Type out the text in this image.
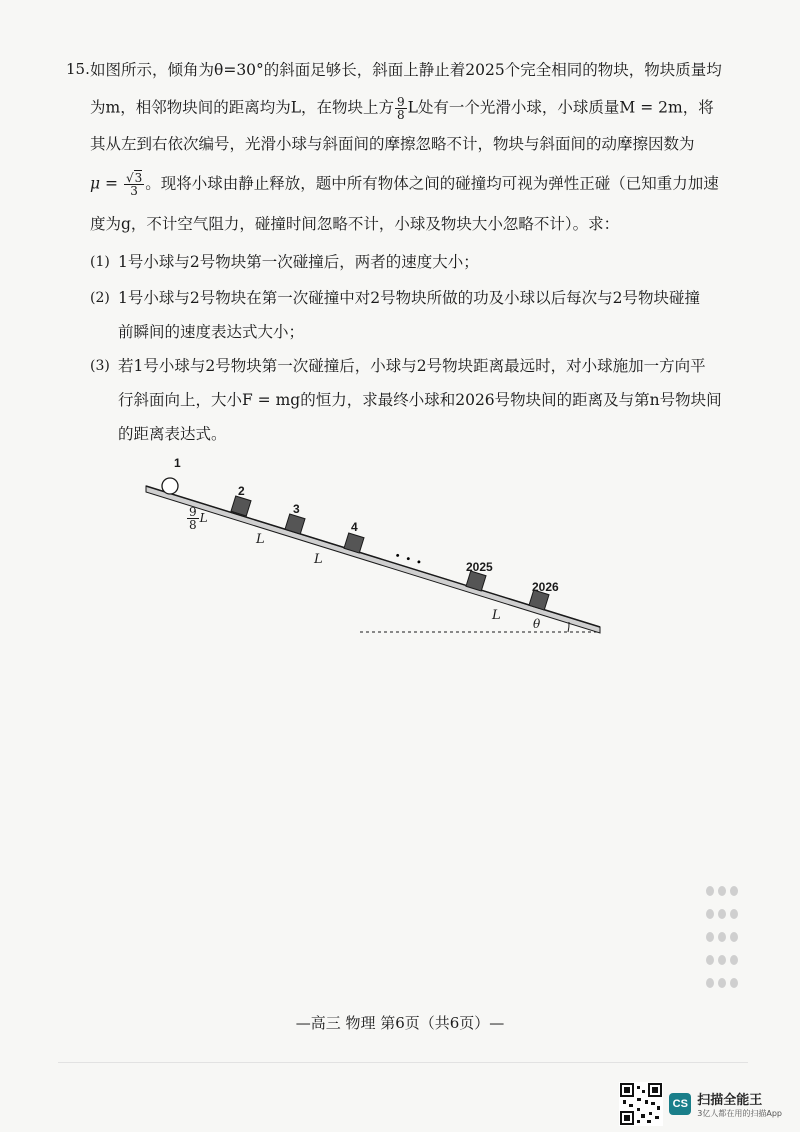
15. 如图所示，倾角为θ=30°的斜面足够长，斜面上静止着2025个完全相同的物块，物块质量均
为m，相邻物块间的距离均为L，在物块上方 $\frac{9}{8}$ L处有一个光滑小球，小球质量M = 2m，将
其从左到右依次编号，光滑小球与斜面间的摩擦忽略不计，物块与斜面间的动摩擦因数为
$\mu = \frac{√3}{3}$ 。现将小球由静止释放，题中所有物体之间的碰撞均可视为弹性正碰（已知重力加速
度为g，不计空气阻力，碰撞时间忽略不计，小球及物块大小忽略不计）。求：
(1) 1号小球与2号物块第一次碰撞后，两者的速度大小；
(2) 1号小球与2号物块在第一次碰撞中对2号物块所做的功及小球以后每次与2号物块碰撞
前瞬间的速度表达式大小；
(3) 若1号小球与2号物块第一次碰撞后，小球与2号物块距离最远时，对小球施加一方向平
行斜面向上，大小F = mg的恒力，求最终小球和2026号物块间的距离及与第n号物块间
的距离表达式。
· · ·
1
2
3
4
2025
2026
$\frac{9}{8}$ L
L
L
L
θ
—高三 物理 第6页（共6页）—
CS 扫描全能王
3亿人都在用的扫描App
